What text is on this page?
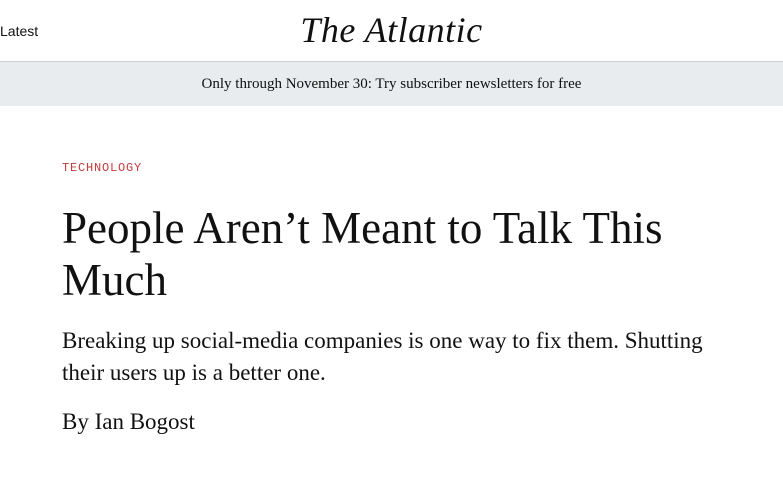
Latest	The Atlantic
Only through November 30: Try subscriber newsletters for free
TECHNOLOGY
People Aren’t Meant to Talk This Much

Breaking up social-media companies is one way to fix them. Shutting their users up is a better one.

By Ian Bogost
